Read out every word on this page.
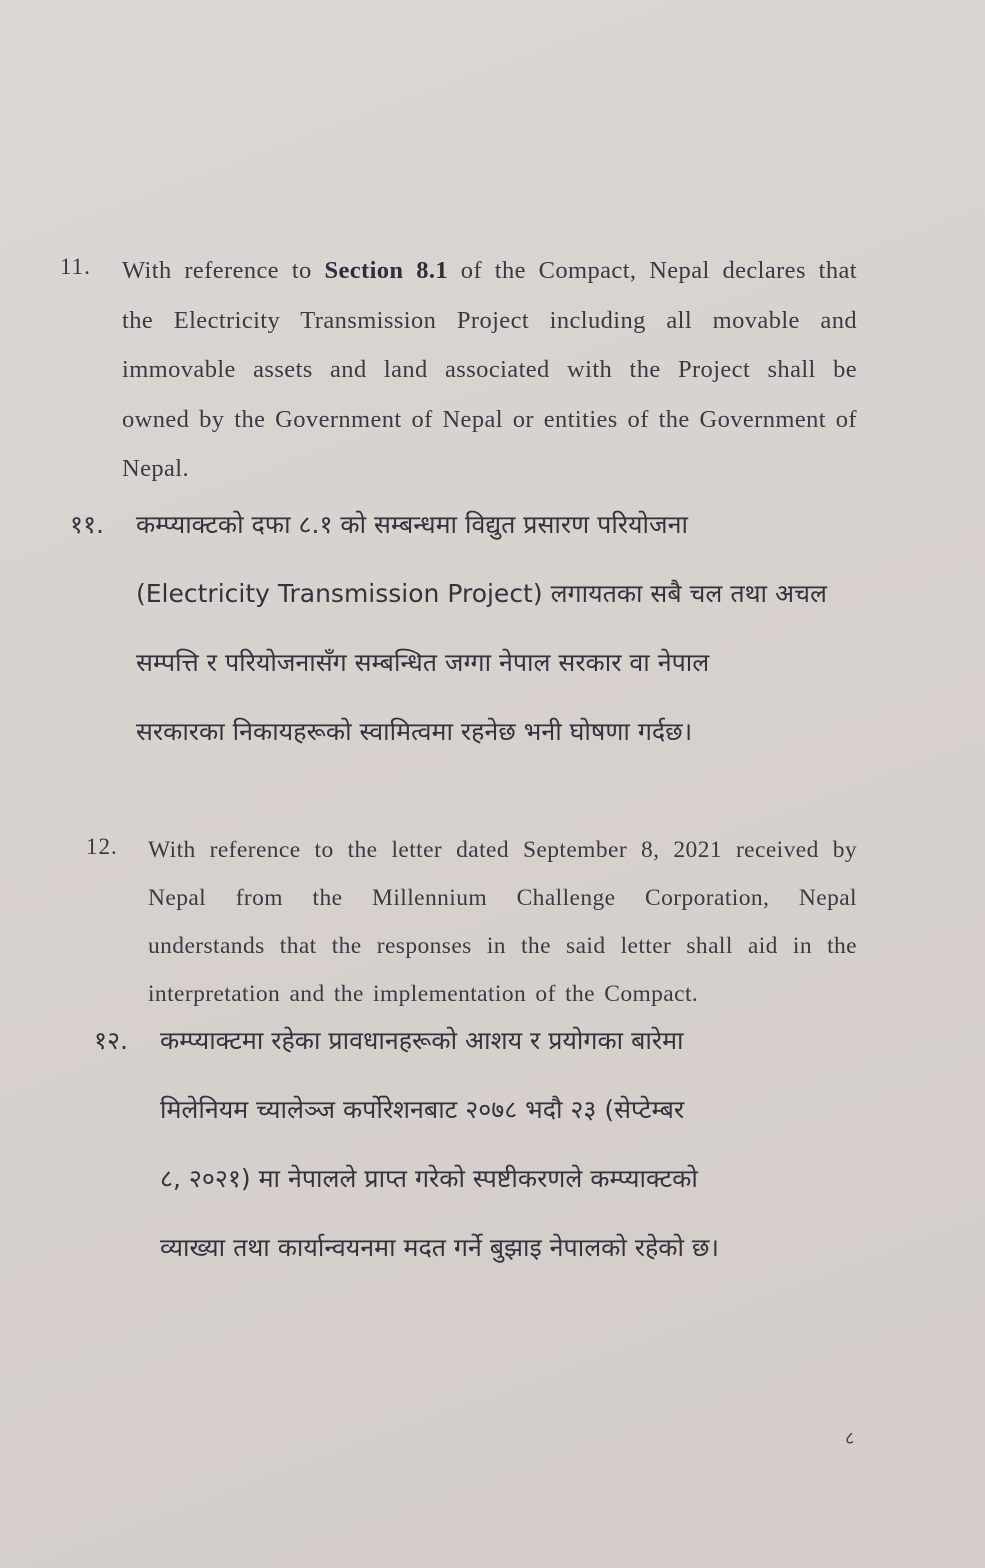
11. With reference to Section 8.1 of the Compact, Nepal declares that the Electricity Transmission Project including all movable and immovable assets and land associated with the Project shall be owned by the Government of Nepal or entities of the Government of Nepal.
११. कम्प्याक्टको दफा ८.१ को सम्बन्धमा विद्युत प्रसारण परियोजना
(Electricity Transmission Project) लगायतका सबै चल तथा अचल
सम्पत्ति र परियोजनासँग सम्बन्धित जग्गा नेपाल सरकार वा नेपाल
सरकारका निकायहरूको स्वामित्वमा रहनेछ भनी घोषणा गर्दछ।
12. With reference to the letter dated September 8, 2021 received by Nepal from the Millennium Challenge Corporation, Nepal understands that the responses in the said letter shall aid in the interpretation and the implementation of the Compact.
१२. कम्प्याक्टमा रहेका प्रावधानहरूको आशय र प्रयोगका बारेमा
मिलेनियम च्यालेञ्ज कर्पोरेशनबाट २०७८ भदौ २३ (सेप्टेम्बर
८, २०२१) मा नेपालले प्राप्त गरेको स्पष्टीकरणले कम्प्याक्टको
व्याख्या तथा कार्यान्वयनमा मदत गर्ने बुझाइ नेपालको रहेको छ।
८
